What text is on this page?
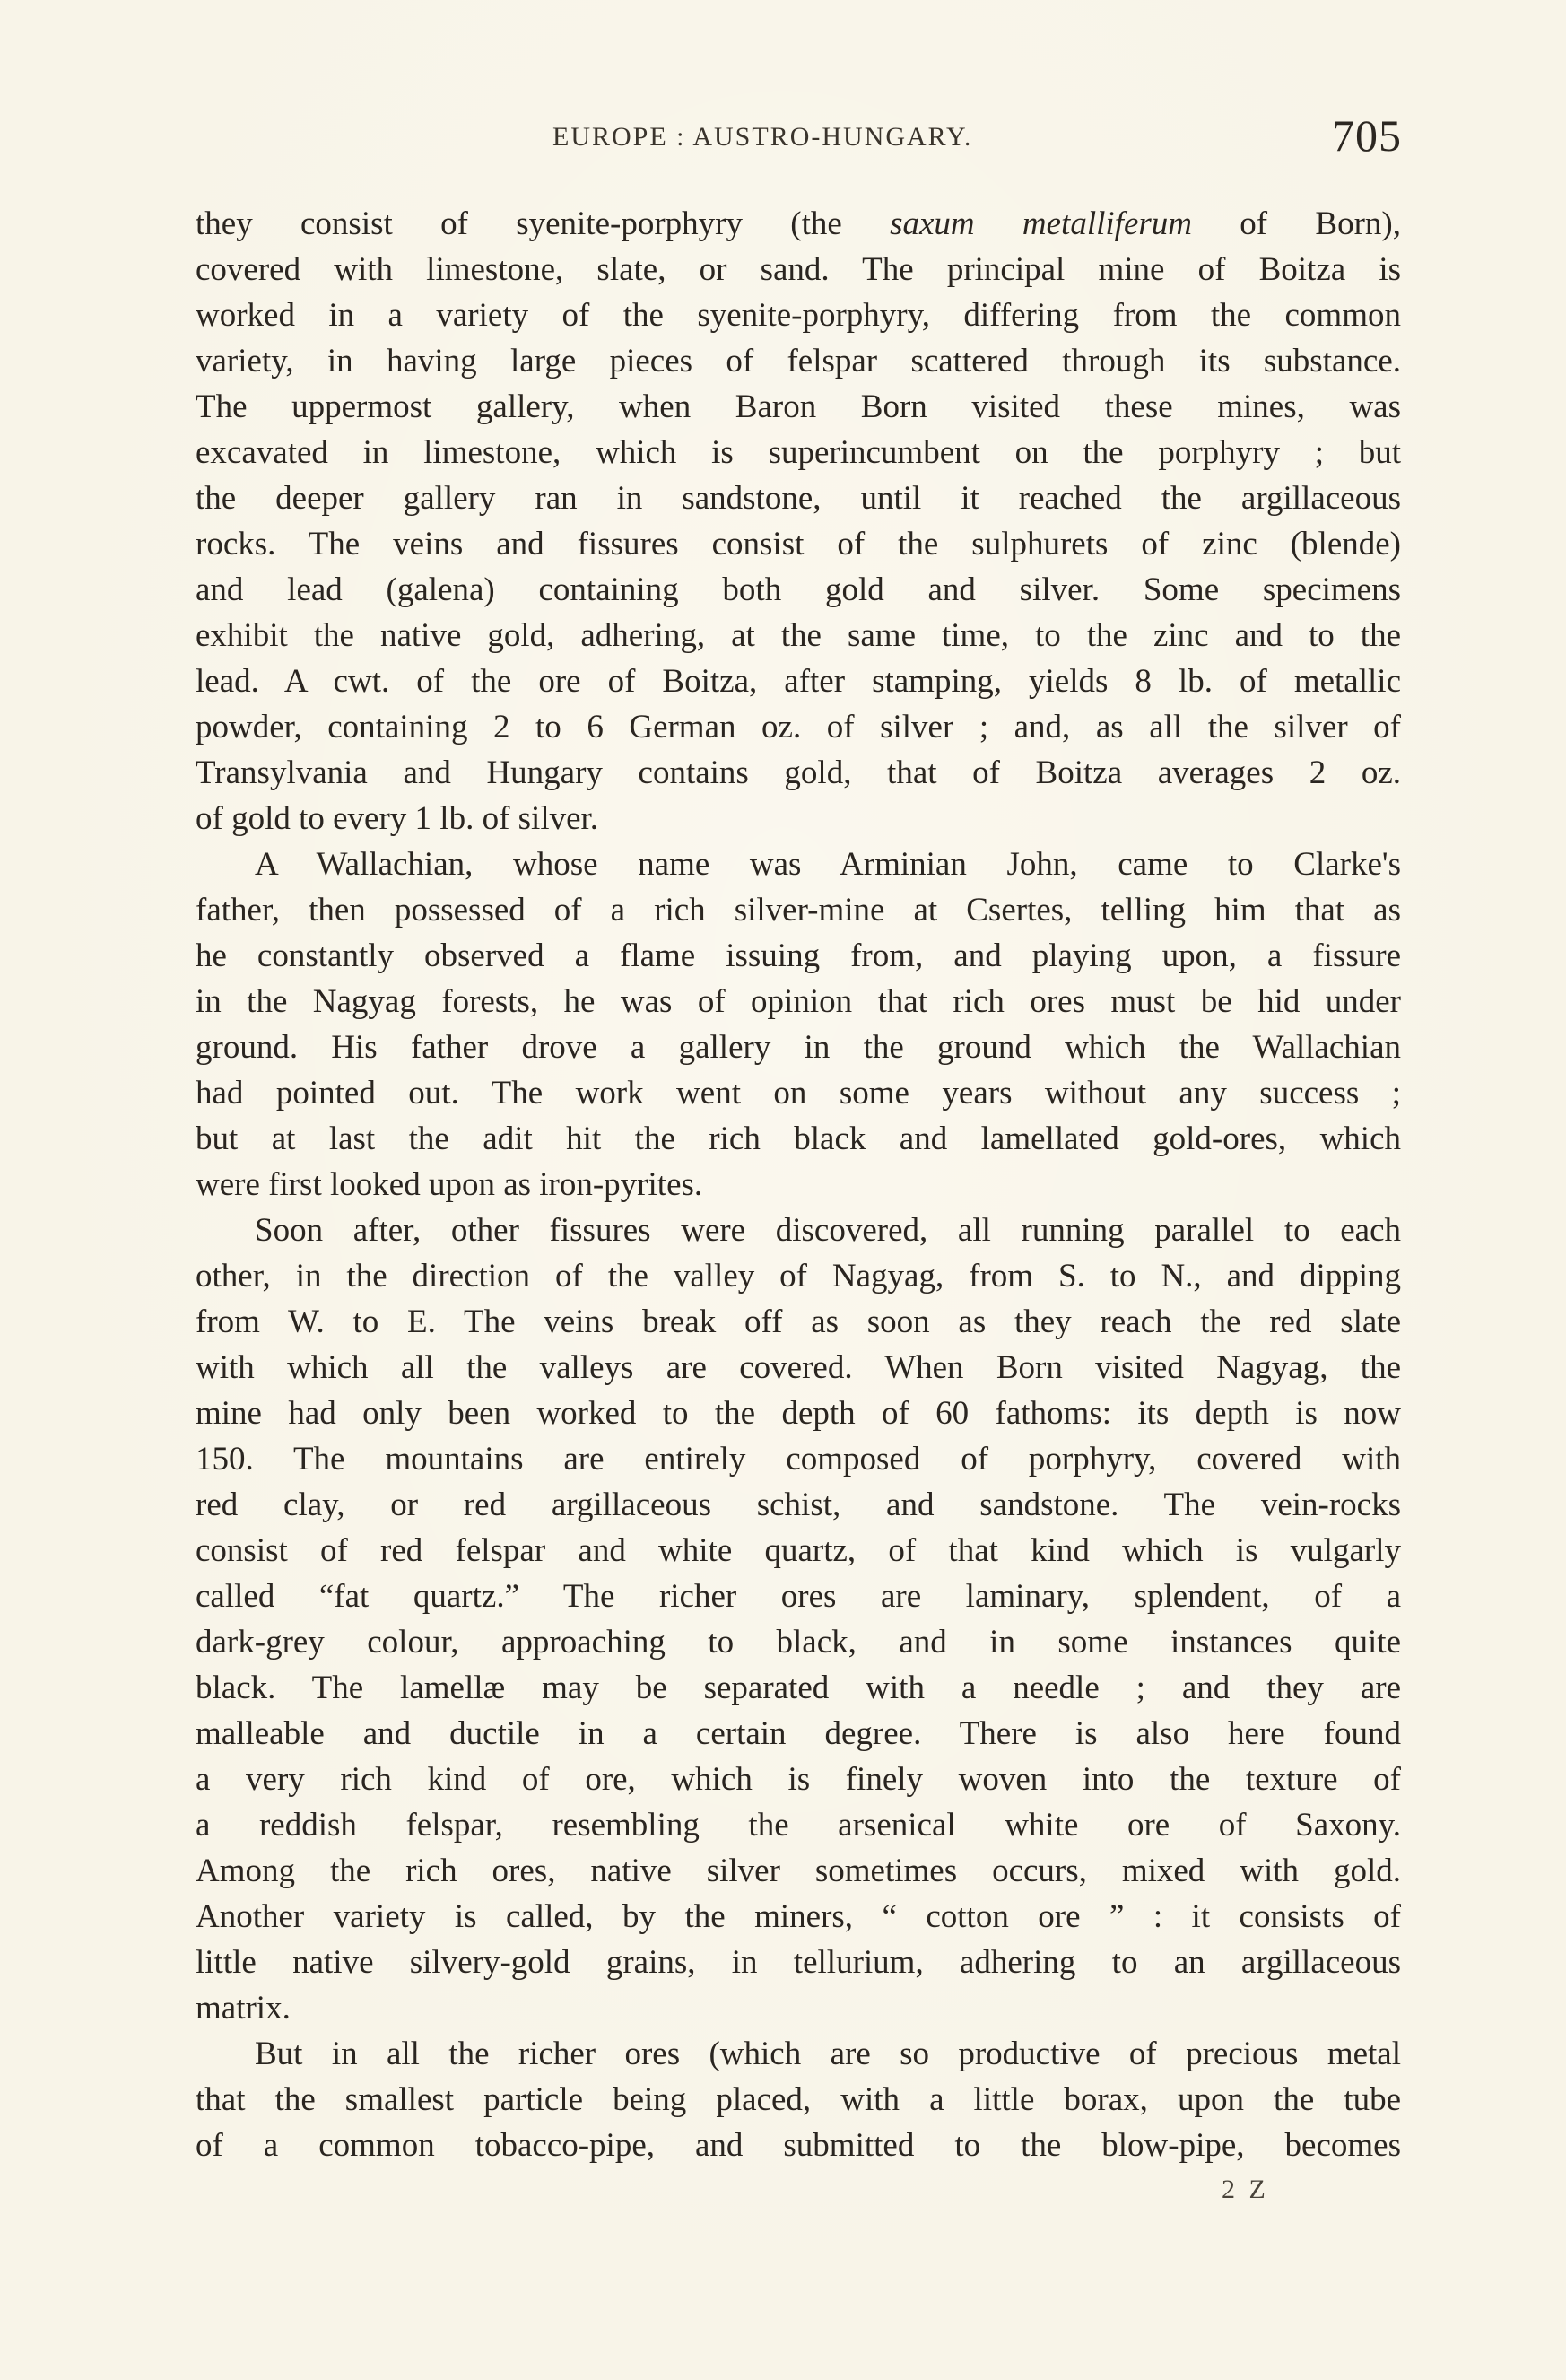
EUROPE : AUSTRO-HUNGARY.	705
they consist of syenite-porphyry (the saxum metalliferum of Born),
covered with limestone, slate, or sand. The principal mine of Boitza is
worked in a variety of the syenite-porphyry, differing from the common
variety, in having large pieces of felspar scattered through its substance.
The uppermost gallery, when Baron Born visited these mines, was
excavated in limestone, which is superincumbent on the porphyry ; but
the deeper gallery ran in sandstone, until it reached the argillaceous
rocks. The veins and fissures consist of the sulphurets of zinc (blende)
and lead (galena) containing both gold and silver. Some specimens
exhibit the native gold, adhering, at the same time, to the zinc and to the
lead. A cwt. of the ore of Boitza, after stamping, yields 8 lb. of metallic
powder, containing 2 to 6 German oz. of silver ; and, as all the silver of
Transylvania and Hungary contains gold, that of Boitza averages 2 oz.
of gold to every 1 lb. of silver.
A Wallachian, whose name was Arminian John, came to Clarke's
father, then possessed of a rich silver-mine at Csertes, telling him that as
he constantly observed a flame issuing from, and playing upon, a fissure
in the Nagyag forests, he was of opinion that rich ores must be hid under
ground. His father drove a gallery in the ground which the Wallachian
had pointed out. The work went on some years without any success ;
but at last the adit hit the rich black and lamellated gold-ores, which
were first looked upon as iron-pyrites.
Soon after, other fissures were discovered, all running parallel to each
other, in the direction of the valley of Nagyag, from S. to N., and dipping
from W. to E. The veins break off as soon as they reach the red slate
with which all the valleys are covered. When Born visited Nagyag, the
mine had only been worked to the depth of 60 fathoms: its depth is now
150. The mountains are entirely composed of porphyry, covered with
red clay, or red argillaceous schist, and sandstone. The vein-rocks
consist of red felspar and white quartz, of that kind which is vulgarly
called “fat quartz.” The richer ores are laminary, splendent, of a
dark-grey colour, approaching to black, and in some instances quite
black. The lamellæ may be separated with a needle ; and they are
malleable and ductile in a certain degree. There is also here found
a very rich kind of ore, which is finely woven into the texture of
a reddish felspar, resembling the arsenical white ore of Saxony.
Among the rich ores, native silver sometimes occurs, mixed with gold.
Another variety is called, by the miners, “ cotton ore ” : it consists of
little native silvery-gold grains, in tellurium, adhering to an argillaceous
matrix.
But in all the richer ores (which are so productive of precious metal
that the smallest particle being placed, with a little borax, upon the tube
of a common tobacco-pipe, and submitted to the blow-pipe, becomes
2 Z
